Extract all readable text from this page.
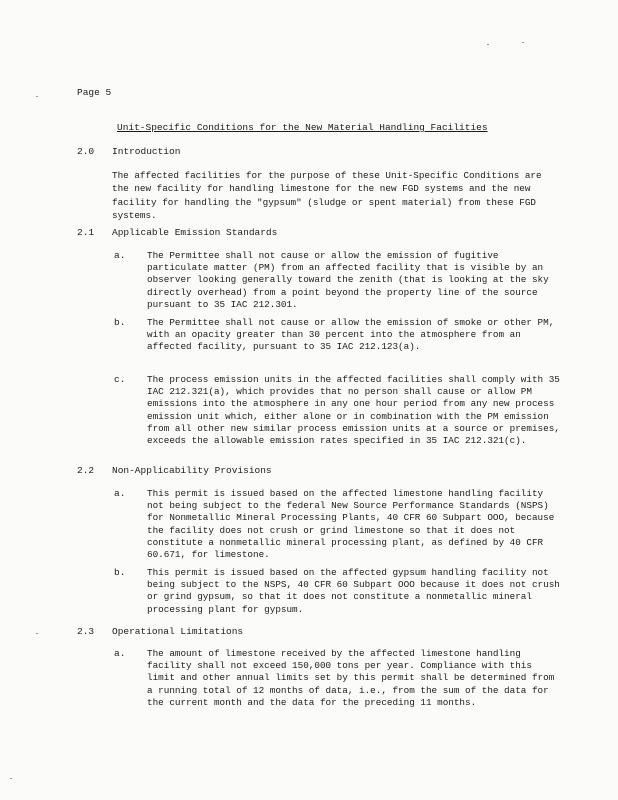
Page 5
Unit-Specific Conditions for the New Material Handling Facilities
2.0 Introduction
The affected facilities for the purpose of these Unit-Specific Conditions are the new facility for handling limestone for the new FGD systems and the new facility for handling the "gypsum" (sludge or spent material) from these FGD systems.
2.1 Applicable Emission Standards
a. The Permittee shall not cause or allow the emission of fugitive particulate matter (PM) from an affected facility that is visible by an observer looking generally toward the zenith (that is looking at the sky directly overhead) from a point beyond the property line of the source pursuant to 35 IAC 212.301.
b. The Permittee shall not cause or allow the emission of smoke or other PM, with an opacity greater than 30 percent into the atmosphere from an affected facility, pursuant to 35 IAC 212.123(a).
c. The process emission units in the affected facilities shall comply with 35 IAC 212.321(a), which provides that no person shall cause or allow PM emissions into the atmosphere in any one hour period from any new process emission unit which, either alone or in combination with the PM emission from all other new similar process emission units at a source or premises, exceeds the allowable emission rates specified in 35 IAC 212.321(c).
2.2 Non-Applicability Provisions
a. This permit is issued based on the affected limestone handling facility not being subject to the federal New Source Performance Standards (NSPS) for Nonmetallic Mineral Processing Plants, 40 CFR 60 Subpart OOO, because the facility does not crush or grind limestone so that it does not constitute a nonmetallic mineral processing plant, as defined by 40 CFR 60.671, for limestone.
b. This permit is issued based on the affected gypsum handling facility not being subject to the NSPS, 40 CFR 60 Subpart OOO because it does not crush or grind gypsum, so that it does not constitute a nonmetallic mineral processing plant for gypsum.
2.3 Operational Limitations
a. The amount of limestone received by the affected limestone handling facility shall not exceed 150,000 tons per year. Compliance with this limit and other annual limits set by this permit shall be determined from a running total of 12 months of data, i.e., from the sum of the data for the current month and the data for the preceding 11 months.
